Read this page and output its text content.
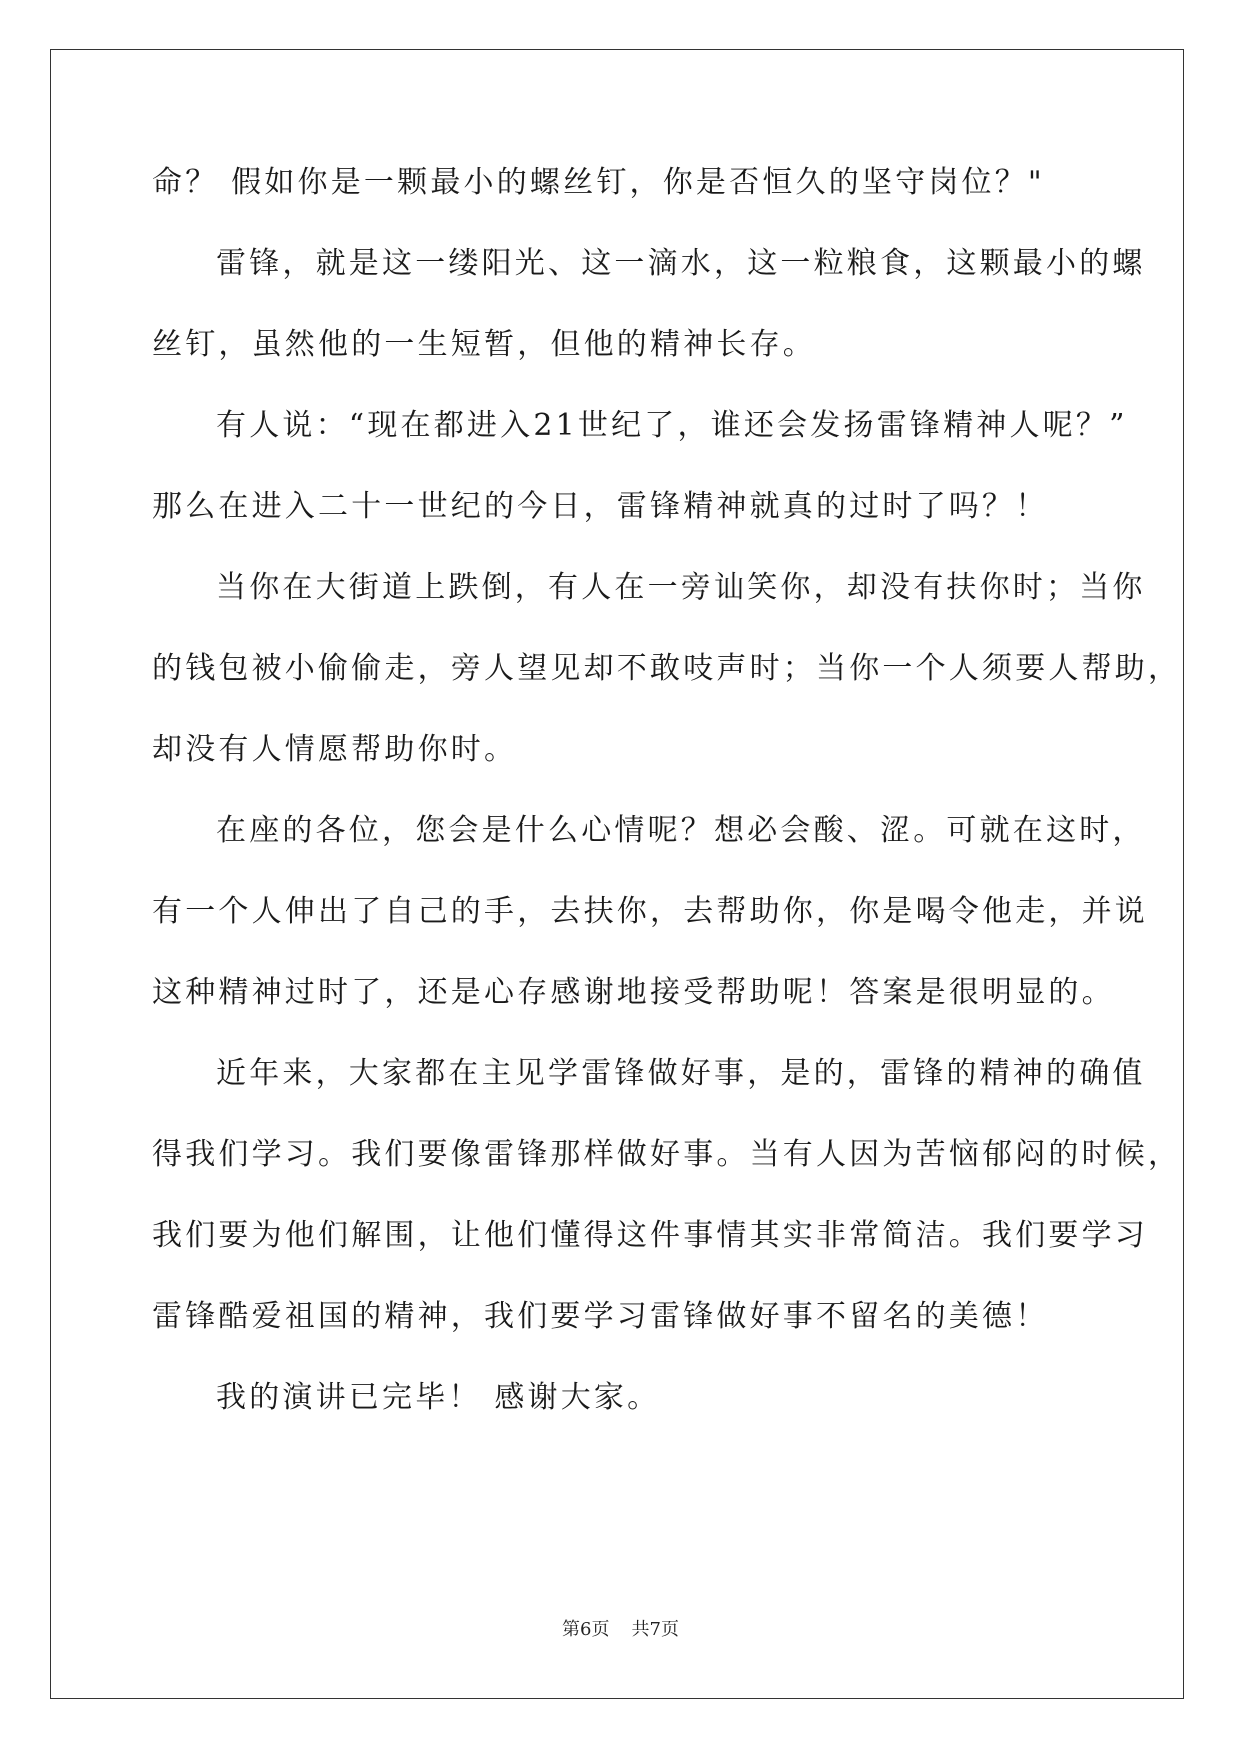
命？ 假如你是一颗最小的螺丝钉，你是否恒久的坚守岗位？"
雷锋，就是这一缕阳光、这一滴水，这一粒粮食，这颗最小的螺
丝钉，虽然他的一生短暂，但他的精神长存。
有人说：“现在都进入21世纪了，谁还会发扬雷锋精神人呢？”
那么在进入二十一世纪的今日，雷锋精神就真的过时了吗？！
当你在大街道上跌倒，有人在一旁讪笑你，却没有扶你时；当你
的钱包被小偷偷走，旁人望见却不敢吱声时；当你一个人须要人帮助，
却没有人情愿帮助你时。
在座的各位，您会是什么心情呢？想必会酸、涩。可就在这时，
有一个人伸出了自己的手，去扶你，去帮助你，你是喝令他走，并说
这种精神过时了，还是心存感谢地接受帮助呢！答案是很明显的。
近年来，大家都在主见学雷锋做好事，是的，雷锋的精神的确值
得我们学习。我们要像雷锋那样做好事。当有人因为苦恼郁闷的时候，
我们要为他们解围，让他们懂得这件事情其实非常简洁。我们要学习
雷锋酷爱祖国的精神，我们要学习雷锋做好事不留名的美德！
我的演讲已完毕！ 感谢大家。
第6页 共7页
